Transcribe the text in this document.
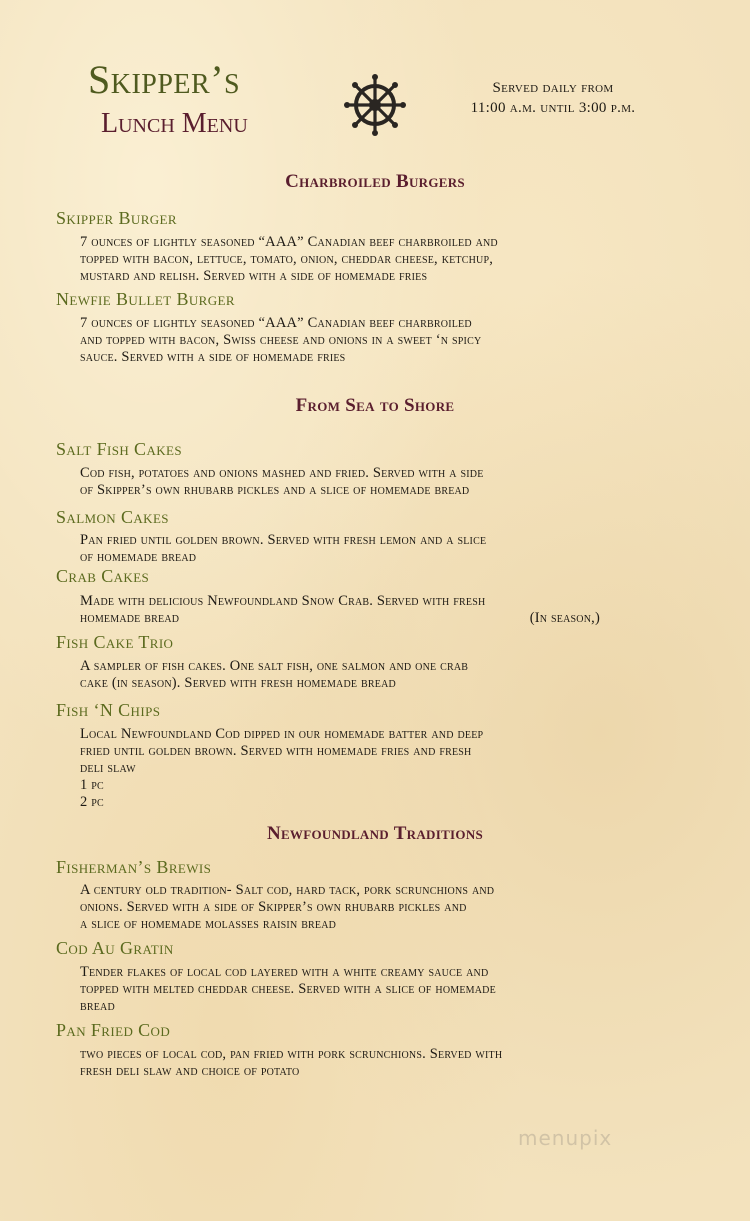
Skipper’s
Lunch Menu
Served daily from
11:00 a.m. until 3:00 p.m.
Charbroiled Burgers
Skipper Burger
7 ounces of lightly seasoned “AAA” Canadian beef charbroiled and
topped with bacon, lettuce, tomato, onion, cheddar cheese, ketchup,
mustard and relish. Served with a side of homemade fries
Newfie Bullet Burger
7 ounces of lightly seasoned “AAA” Canadian beef charbroiled
and topped with bacon, Swiss cheese and onions in a sweet ‘n spicy
sauce. Served with a side of homemade fries
From Sea to Shore
Salt Fish Cakes
Cod fish, potatoes and onions mashed and fried. Served with a side
of Skipper’s own rhubarb pickles and a slice of homemade bread
Salmon Cakes
Pan fried until golden brown. Served with fresh lemon and a slice
of homemade bread
Crab Cakes
Made with delicious Newfoundland Snow Crab. Served with fresh
homemade bread	(In season,)
Fish Cake Trio
A sampler of fish cakes. One salt fish, one salmon and one crab
cake (in season). Served with fresh homemade bread
Fish ‘N Chips
Local Newfoundland Cod dipped in our homemade batter and deep
fried until golden brown. Served with homemade fries and fresh
deli slaw
1 pc
2 pc
Newfoundland Traditions
Fisherman’s Brewis
A century old tradition- Salt cod, hard tack, pork scrunchions and
onions. Served with a side of Skipper’s own rhubarb pickles and
a slice of homemade molasses raisin bread
Cod Au Gratin
Tender flakes of local cod layered with a white creamy sauce and
topped with melted cheddar cheese. Served with a slice of homemade
bread
Pan Fried Cod
two pieces of local cod, pan fried with pork scrunchions. Served with
fresh deli slaw and choice of potato
menupix
